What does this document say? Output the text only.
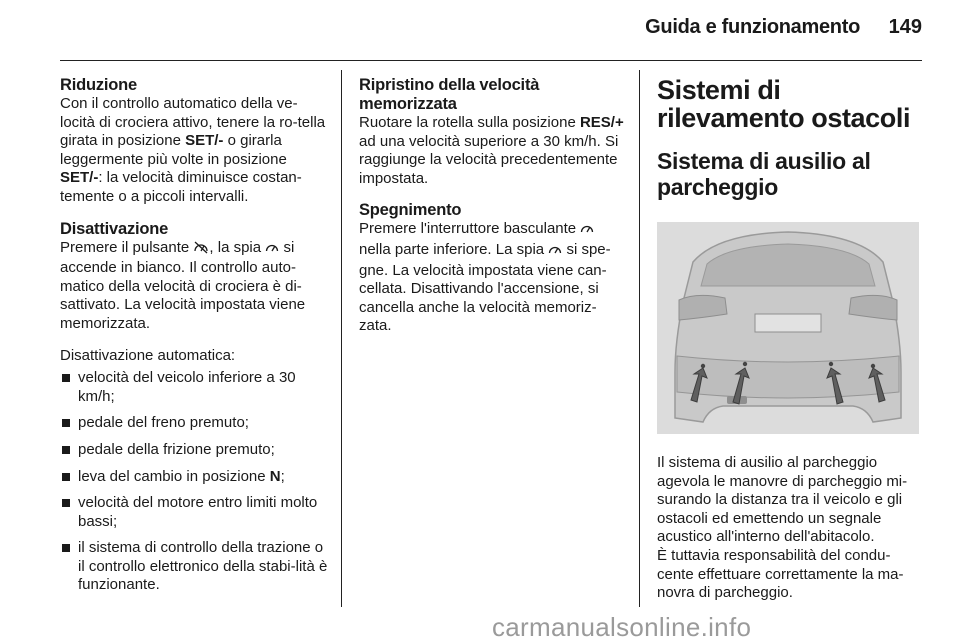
Guida e funzionamento 149
Riduzione

Con il controllo automatico della ve-locità di crociera attivo, tenere la ro-tella girata in posizione SET/- o girarla leggermente più volte in posizione SET/-: la velocità diminuisce costan-temente o a piccoli intervalli.

Disattivazione

Premere il pulsante , la spia  si accende in bianco. Il controllo auto-matico della velocità di crociera è di-sattivato. La velocità impostata viene memorizzata.

Disattivazione automatica:

velocità del veicolo inferiore a 30 km/h;
pedale del freno premuto;
pedale della frizione premuto;
leva del cambio in posizione N;
velocità del motore entro limiti molto bassi;
il sistema di controllo della trazione o il controllo elettronico della stabi-lità è funzionante.
Ripristino della velocità memorizzata

Ruotare la rotella sulla posizione RES/+ ad una velocità superiore a 30 km/h. Si raggiunge la velocità precedentemente impostata.

Spegnimento

Premere l'interruttore basculante  nella parte inferiore. La spia  si spe-gne. La velocità impostata viene can-cellata. Disattivando l'accensione, si cancella anche la velocità memoriz-zata.

Sistemi di rilevamento ostacoli
Sistema di ausilio al parcheggio

Il sistema di ausilio al parcheggio agevola le manovre di parcheggio mi-surando la distanza tra il veicolo e gli ostacoli ed emettendo un segnale acustico all'interno dell'abitacolo.

È tuttavia responsabilità del condu-cente effettuare correttamente la ma-novra di parcheggio.

carmanualsonline.info
